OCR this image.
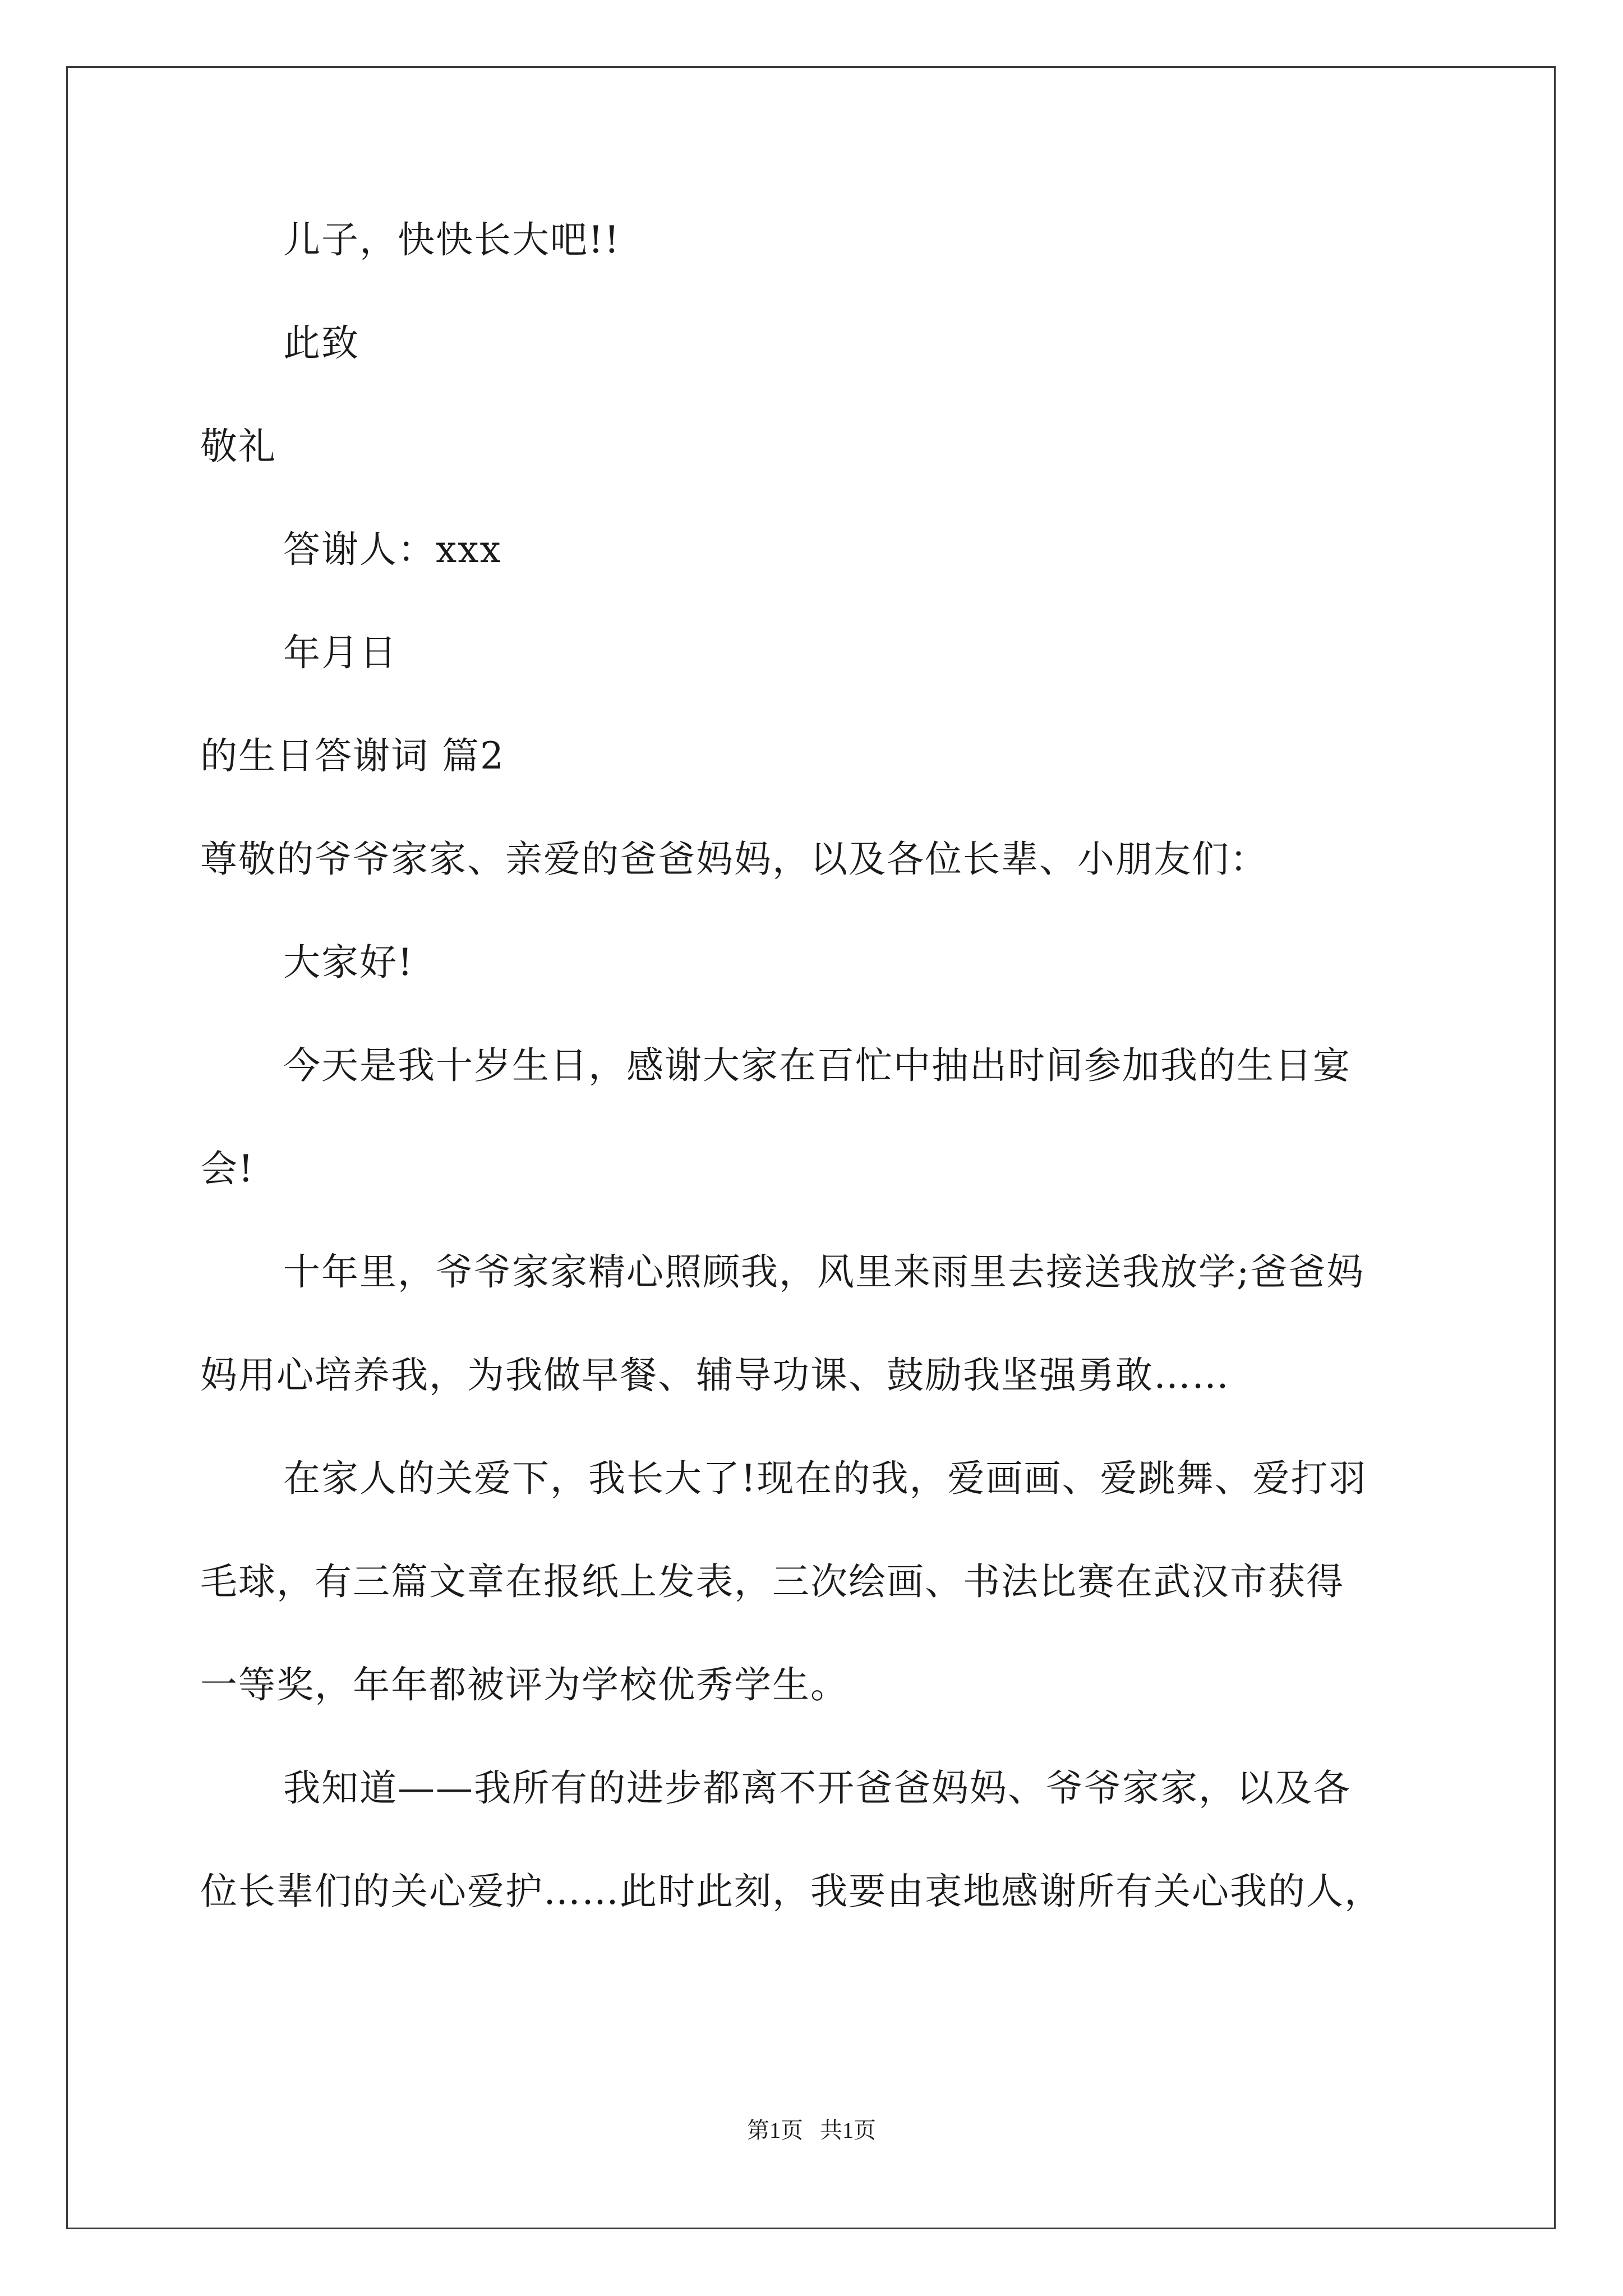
儿子，快快长大吧!!
此致
敬礼
答谢人：xxx
年月日
的生日答谢词 篇2
尊敬的爷爷家家、亲爱的爸爸妈妈，以及各位长辈、小朋友们：
大家好!
今天是我十岁生日，感谢大家在百忙中抽出时间参加我的生日宴
会!
十年里，爷爷家家精心照顾我，风里来雨里去接送我放学;爸爸妈
妈用心培养我，为我做早餐、辅导功课、鼓励我坚强勇敢……
在家人的关爱下，我长大了!现在的我，爱画画、爱跳舞、爱打羽
毛球，有三篇文章在报纸上发表，三次绘画、书法比赛在武汉市获得
一等奖，年年都被评为学校优秀学生。
我知道——我所有的进步都离不开爸爸妈妈、爷爷家家，以及各
位长辈们的关心爱护……此时此刻，我要由衷地感谢所有关心我的人，
第1页   共1页
